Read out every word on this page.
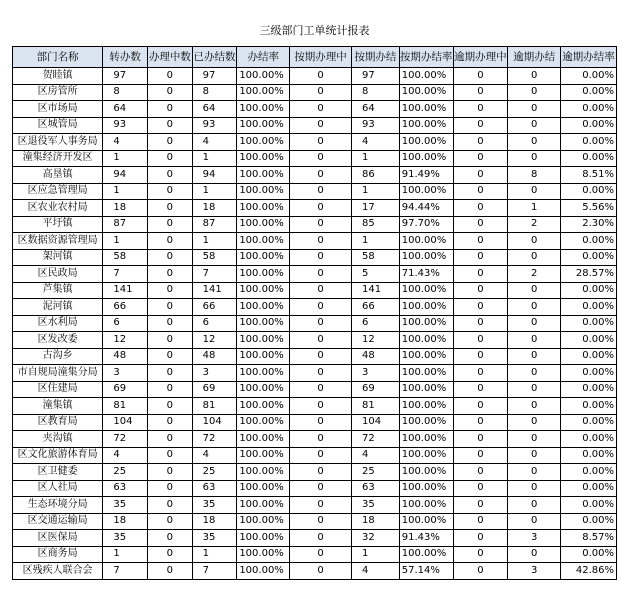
三级部门工单统计报表
部门名称	转办数	办理中数	已办结数	办结率	按期办理中	按期办结	按期办结率	逾期办理中	逾期办结	逾期办结率
贺睦镇	97	0	97	100.00%	0	97	100.00%	0	0	0.00%
区房管所	8	0	8	100.00%	0	8	100.00%	0	0	0.00%
区市场局	64	0	64	100.00%	0	64	100.00%	0	0	0.00%
区城管局	93	0	93	100.00%	0	93	100.00%	0	0	0.00%
区退役军人事务局	4	0	4	100.00%	0	4	100.00%	0	0	0.00%
潼集经济开发区	1	0	1	100.00%	0	1	100.00%	0	0	0.00%
高垦镇	94	0	94	100.00%	0	86	91.49%	0	8	8.51%
区应急管理局	1	0	1	100.00%	0	1	100.00%	0	0	0.00%
区农业农村局	18	0	18	100.00%	0	17	94.44%	0	1	5.56%
平圩镇	87	0	87	100.00%	0	85	97.70%	0	2	2.30%
区数据资源管理局	1	0	1	100.00%	0	1	100.00%	0	0	0.00%
架河镇	58	0	58	100.00%	0	58	100.00%	0	0	0.00%
区民政局	7	0	7	100.00%	0	5	71.43%	0	2	28.57%
芦集镇	141	0	141	100.00%	0	141	100.00%	0	0	0.00%
泥河镇	66	0	66	100.00%	0	66	100.00%	0	0	0.00%
区水利局	6	0	6	100.00%	0	6	100.00%	0	0	0.00%
区发改委	12	0	12	100.00%	0	12	100.00%	0	0	0.00%
古沟乡	48	0	48	100.00%	0	48	100.00%	0	0	0.00%
市自规局潼集分局	3	0	3	100.00%	0	3	100.00%	0	0	0.00%
区住建局	69	0	69	100.00%	0	69	100.00%	0	0	0.00%
潼集镇	81	0	81	100.00%	0	81	100.00%	0	0	0.00%
区教育局	104	0	104	100.00%	0	104	100.00%	0	0	0.00%
夹沟镇	72	0	72	100.00%	0	72	100.00%	0	0	0.00%
区文化旅游体育局	4	0	4	100.00%	0	4	100.00%	0	0	0.00%
区卫健委	25	0	25	100.00%	0	25	100.00%	0	0	0.00%
区人社局	63	0	63	100.00%	0	63	100.00%	0	0	0.00%
生态环境分局	35	0	35	100.00%	0	35	100.00%	0	0	0.00%
区交通运输局	18	0	18	100.00%	0	18	100.00%	0	0	0.00%
区医保局	35	0	35	100.00%	0	32	91.43%	0	3	8.57%
区商务局	1	0	1	100.00%	0	1	100.00%	0	0	0.00%
区残疾人联合会	7	0	7	100.00%	0	4	57.14%	0	3	42.86%
